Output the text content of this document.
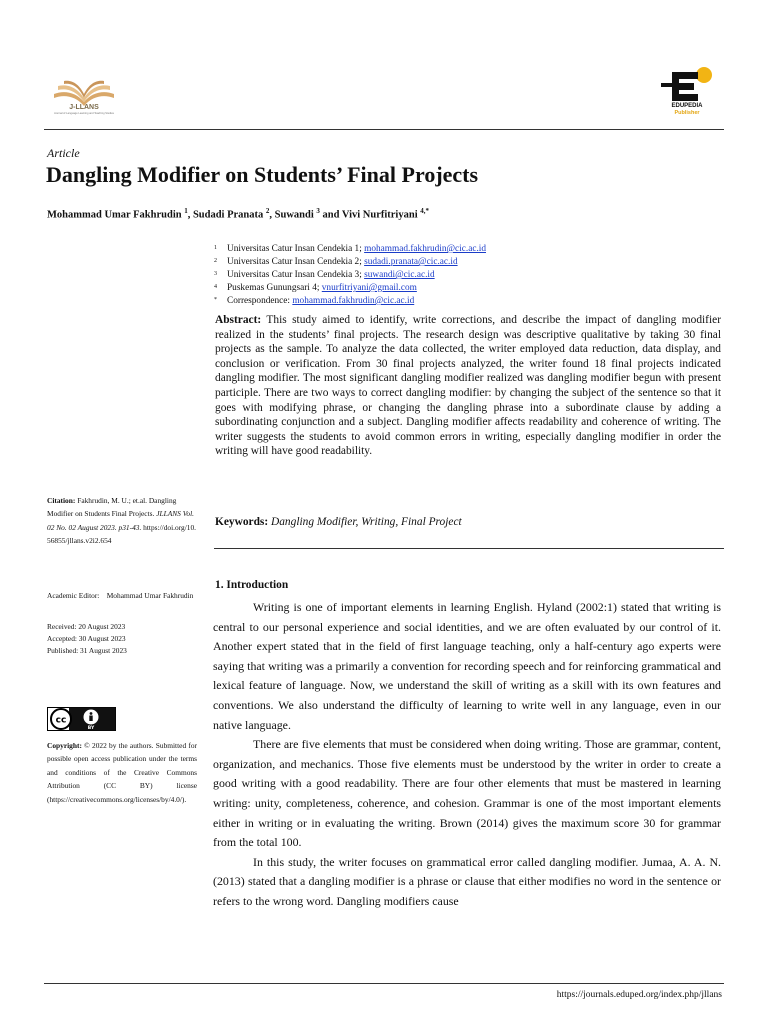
J-LLANS
Journal of Language Learning and Teaching Studies
EDUPEDIA
Publisher
Article
Dangling Modifier on Students’ Final Projects
Mohammad Umar Fakhrudin $^1$, Sudadi Pranata $^2$, Suwandi $^3$ and Vivi Nurfitriyani $^{4,*}$
1 Universitas Catur Insan Cendekia 1; mohammad.fakhrudin@cic.ac.id
2 Universitas Catur Insan Cendekia 2; sudadi.pranata@cic.ac.id
3 Universitas Catur Insan Cendekia 3; suwandi@cic.ac.id
4 Puskemas Gunungsari 4; vnurfitriyani@gmail.com
* Correspondence: mohammad.fakhrudin@cic.ac.id

Abstract: This study aimed to identify, write corrections, and describe the impact of dangling modifier realized in the students’ final projects. The research design was descriptive qualitative by taking 30 final projects as the sample. To analyze the data collected, the writer employed data reduction, data display, and conclusion or verification. From 30 final projects analyzed, the writer found 18 final projects indicated dangling modifier. The most significant dangling modifier realized was dangling modifier begun with present participle. There are two ways to correct dangling modifier: by changing the subject of the sentence so that it goes with modifying phrase, or changing the dangling phrase into a subordinate clause by adding a subordinating conjunction and a subject. Dangling modifier affects readability and coherence of writing. The writer suggests the students to avoid common errors in writing, especially dangling modifier in order the writing will have good readability.

Keywords: Dangling Modifier, Writing, Final Project
Citation: Fakhrudin, M. U.; et.al. Dangling Modifier on Students Final Projects. JLLANS Vol. 02 No. 02 August 2023. p31-43. https://doi.org/10.56855/jllans.v2i2.654
Academic Editor: Mohammad Umar Fakhrudin
Received: 20 August 2023
Accepted: 30 August 2023
Published: 31 August 2023
cc
BY
Copyright: © 2022 by the authors. Submitted for possible open access publication under the terms and conditions of the Creative Commons Attribution (CC BY) license (https://creativecommons.org/licenses/by/4.0/).
1. Introduction

Writing is one of important elements in learning English. Hyland (2002:1) stated that writing is central to our personal experience and social identities, and we are often evaluated by our control of it. Another expert stated that in the field of first language teaching, only a half-century ago experts were saying that writing was a primarily a convention for recording speech and for reinforcing grammatical and lexical feature of language. Now, we understand the skill of writing as a skill with its own features and conventions. We also understand the difficulty of learning to write well in any language, even in our native language.

There are five elements that must be considered when doing writing. Those are grammar, content, organization, and mechanics. Those five elements must be understood by the writer in order to create a good writing with a good readability. There are four other elements that must be mastered in learning writing: unity, completeness, coherence, and cohesion. Grammar is one of the most important elements either in writing or in evaluating the writing. Brown (2014) gives the maximum score 30 for grammar from the total 100.

In this study, the writer focuses on grammatical error called dangling modifier. Jumaa, A. A. N. (2013) stated that a dangling modifier is a phrase or clause that either modifies no word in the sentence or refers to the wrong word. Dangling modifiers cause

https://journals.eduped.org/index.php/jllans
